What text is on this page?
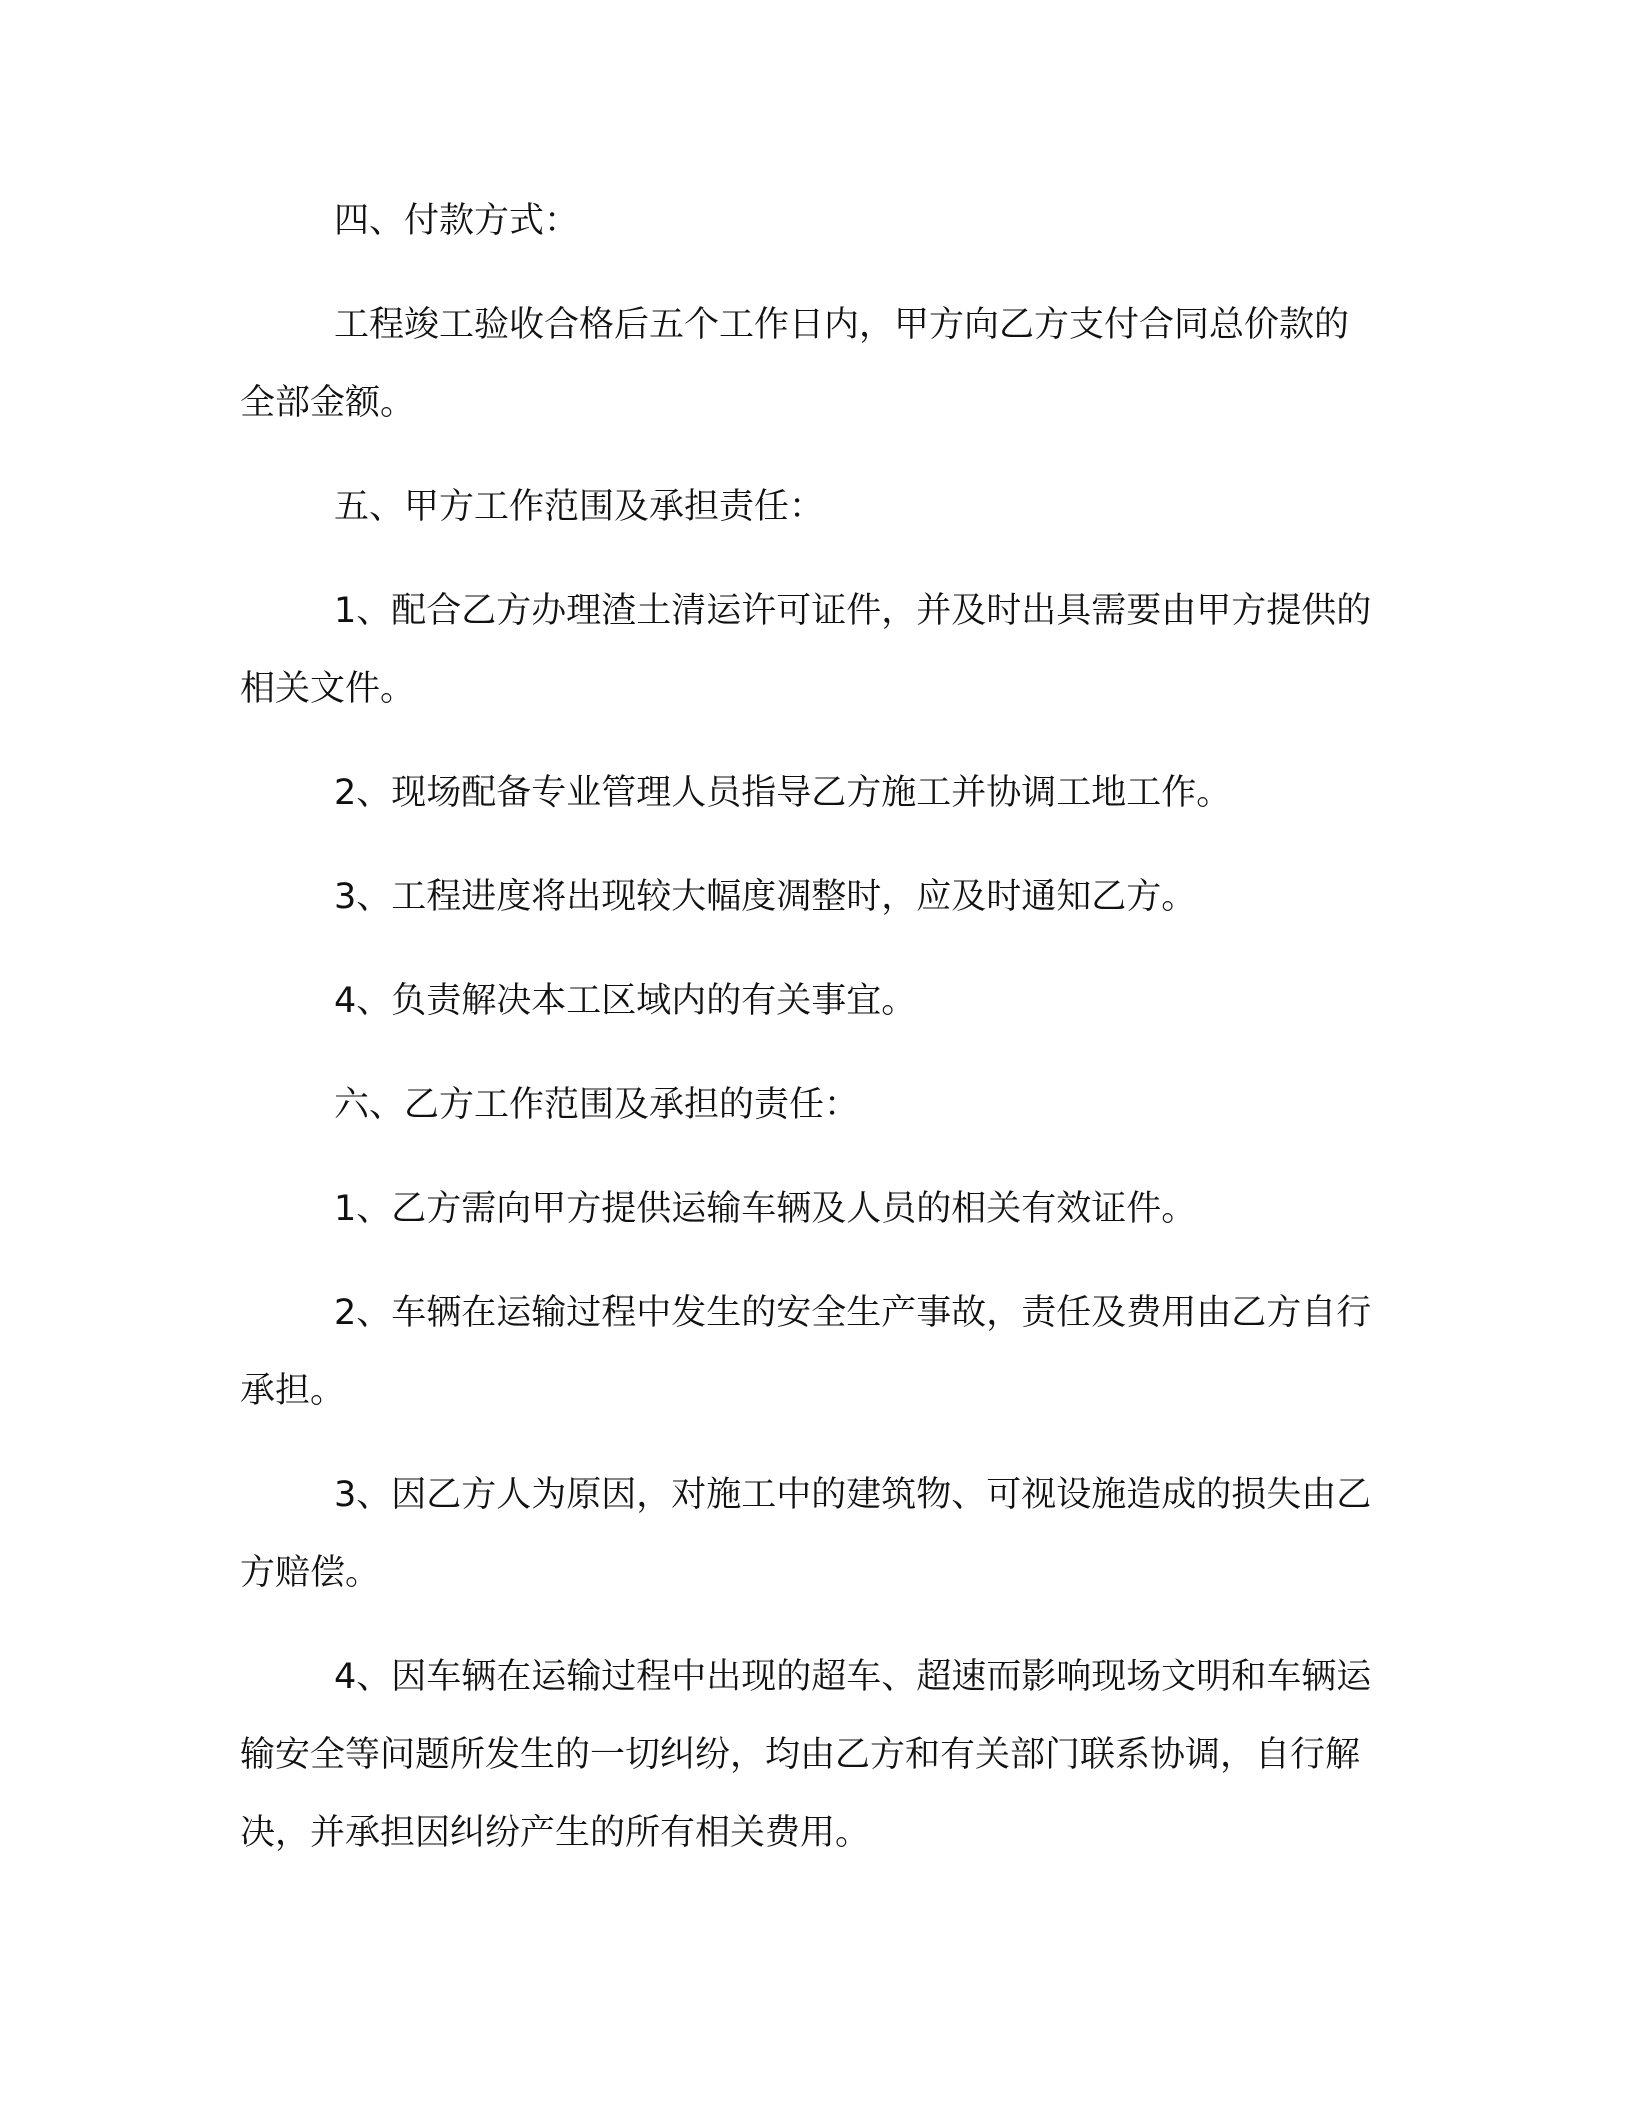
四、付款方式：

工程竣工验收合格后五个工作日内，甲方向乙方支付合同总价款的全部金额。

五、甲方工作范围及承担责任：

1、配合乙方办理渣土清运许可证件，并及时出具需要由甲方提供的相关文件。

2、现场配备专业管理人员指导乙方施工并协调工地工作。

3、工程进度将出现较大幅度凋整时，应及时通知乙方。

4、负责解决本工区域内的有关事宜。

六、乙方工作范围及承担的责任：

1、乙方需向甲方提供运输车辆及人员的相关有效证件。

2、车辆在运输过程中发生的安全生产事故，责任及费用由乙方自行承担。

3、因乙方人为原因，对施工中的建筑物、可视设施造成的损失由乙方赔偿。

4、因车辆在运输过程中出现的超车、超速而影响现场文明和车辆运输安全等问题所发生的一切纠纷，均由乙方和有关部门联系协调，自行解决，并承担因纠纷产生的所有相关费用。
